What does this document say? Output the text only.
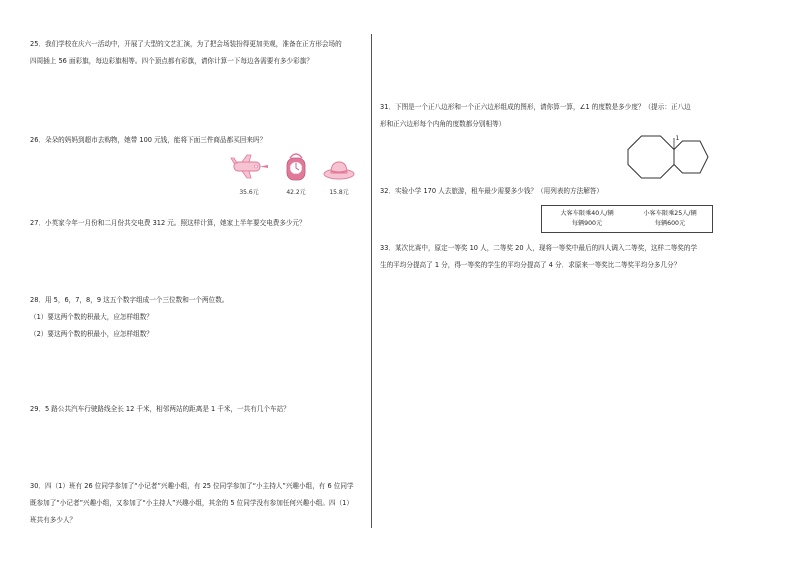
25．我们学校在庆六一活动中，开展了大型的文艺汇演，为了把会场装扮得更加美观，准备在正方形会场的
四周插上 56 面彩旗，每边彩旗相等。四个顶点都有彩旗，请你计算一下每边各需要有多少彩旗？
26．朵朵的妈妈到超市去购物，她带 100 元钱，能将下面三件商品都买回来吗？
35.6元	42.2元	15.8元
27．小英家今年一月份和二月份共交电费 312 元。照这样计算，她家上半年要交电费多少元？
28．用 5，6，7，8，9 这五个数字组成一个三位数和一个两位数。
（1）要这两个数的积最大，应怎样组数？
（2）要这两个数的积最小，应怎样组数？
29．5 路公共汽车行驶路线全长 12 千米，相邻两站的距离是 1 千米，一共有几个车站？
30．四（1）班有 26 位同学参加了“小记者”兴趣小组，有 25 位同学参加了“小主持人”兴趣小组，有 6 位同学
既参加了“小记者”兴趣小组，又参加了“小主持人”兴趣小组，其余的 5 位同学没有参加任何兴趣小组。四（1）
班共有多少人？
31．下图是一个正八边形和一个正六边形组成的图形，请你算一算，∠1 的度数是多少度？（提示：正八边
形和正六边形每个内角的度数都分别相等）
1
32．实验小学 170 人去旅游，租车最少需要多少钱？（用列表的方法解答）
大客车限乘40人/辆
每辆900元
小客车限乘25人/辆
每辆600元
33．某次比赛中，原定一等奖 10 人，二等奖 20 人，现将一等奖中最后的四人调入二等奖，这样二等奖的学
生的平均分提高了 1 分，得一等奖的学生的平均分提高了 4 分．求原来一等奖比二等奖平均分多几分？
